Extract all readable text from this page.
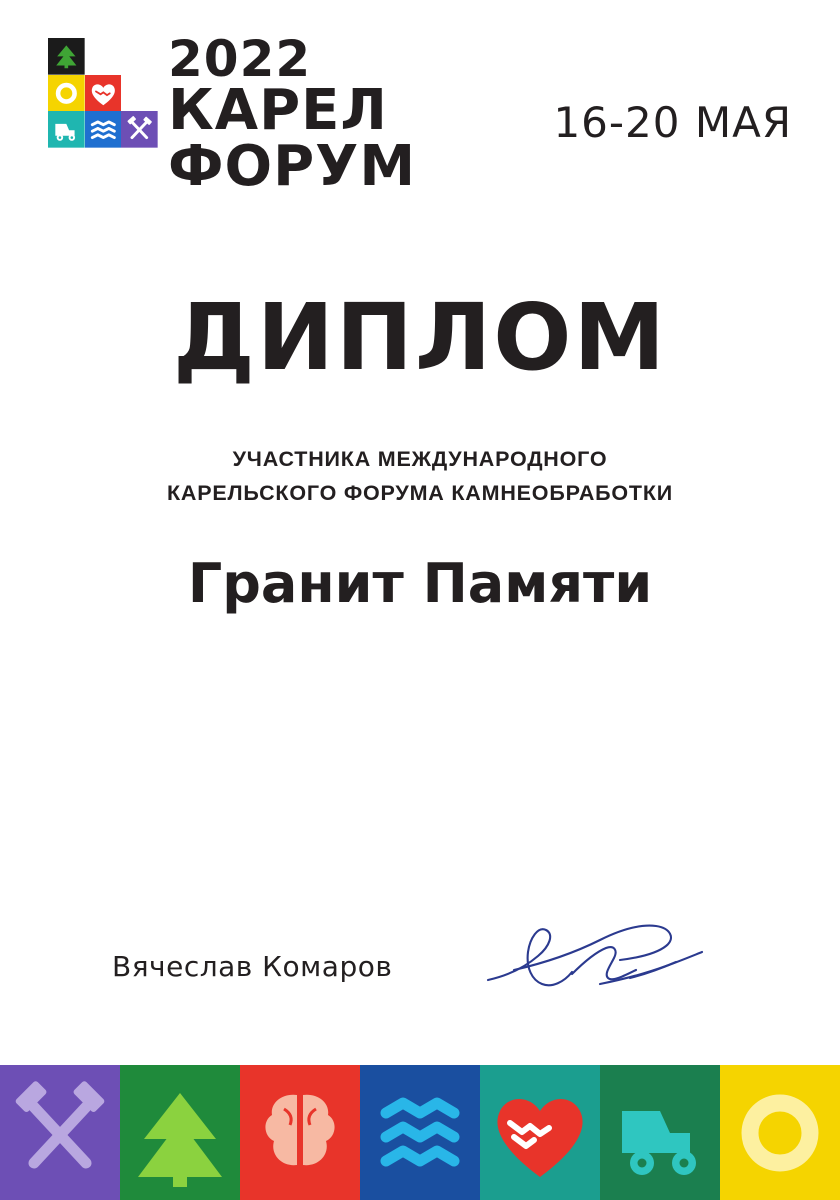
2022
КАРЕЛ
ФОРУМ
16-20 МАЯ
ДИПЛОМ
УЧАСТНИКА МЕЖДУНАРОДНОГО
КАРЕЛЬСКОГО ФОРУМА КАМНЕОБРАБОТКИ
Гранит Памяти
Вячеслав Комаров
